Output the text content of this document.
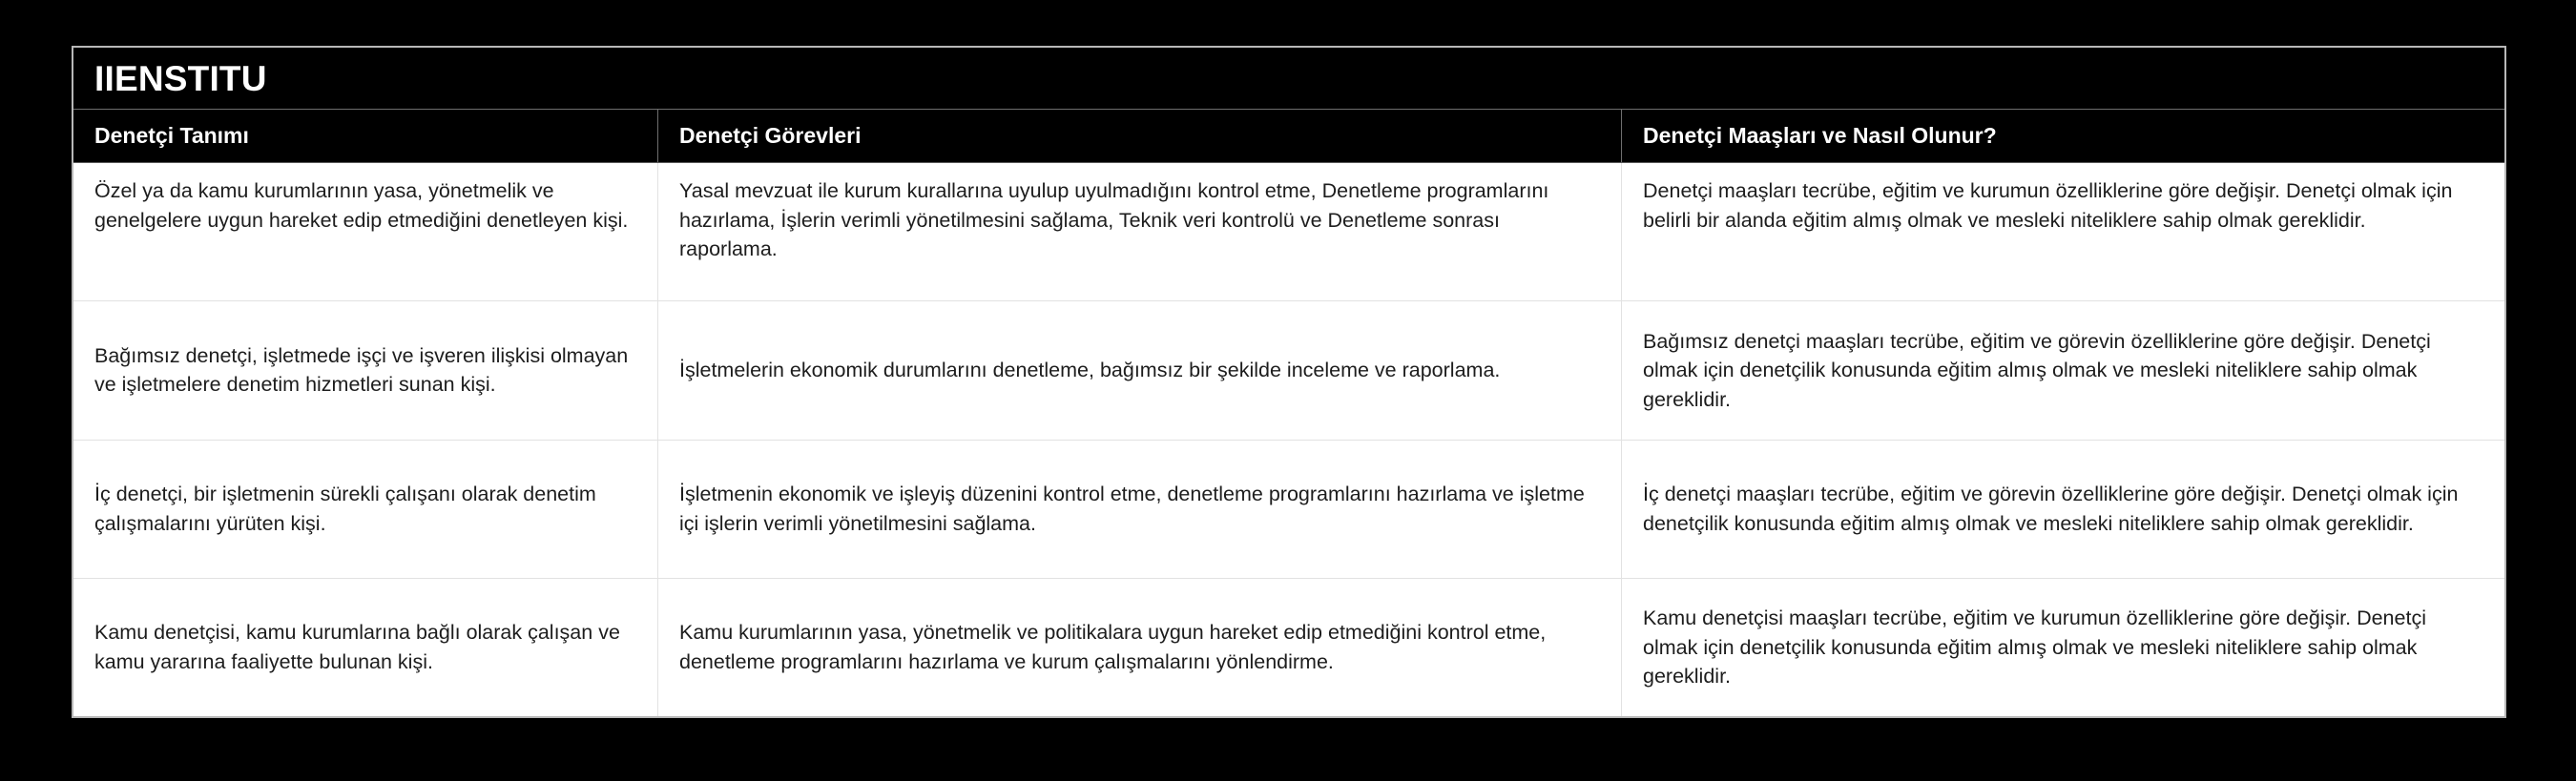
IIENSTITU
Denetçi Tanımı	Denetçi Görevleri	Denetçi Maaşları ve Nasıl Olunur?
Özel ya da kamu kurumlarının yasa, yönetmelik ve genelgelere uygun hareket edip etmediğini denetleyen kişi.
Yasal mevzuat ile kurum kurallarına uyulup uyulmadığını kontrol etme, Denetleme programlarını hazırlama, İşlerin verimli yönetilmesini sağlama, Teknik veri kontrolü ve Denetleme sonrası raporlama.
Denetçi maaşları tecrübe, eğitim ve kurumun özelliklerine göre değişir. Denetçi olmak için belirli bir alanda eğitim almış olmak ve mesleki niteliklere sahip olmak gereklidir.
Bağımsız denetçi, işletmede işçi ve işveren ilişkisi olmayan ve işletmelere denetim hizmetleri sunan kişi.
İşletmelerin ekonomik durumlarını denetleme, bağımsız bir şekilde inceleme ve raporlama.
Bağımsız denetçi maaşları tecrübe, eğitim ve görevin özelliklerine göre değişir. Denetçi olmak için denetçilik konusunda eğitim almış olmak ve mesleki niteliklere sahip olmak gereklidir.
İç denetçi, bir işletmenin sürekli çalışanı olarak denetim çalışmalarını yürüten kişi.
İşletmenin ekonomik ve işleyiş düzenini kontrol etme, denetleme programlarını hazırlama ve işletme içi işlerin verimli yönetilmesini sağlama.
İç denetçi maaşları tecrübe, eğitim ve görevin özelliklerine göre değişir. Denetçi olmak için denetçilik konusunda eğitim almış olmak ve mesleki niteliklere sahip olmak gereklidir.
Kamu denetçisi, kamu kurumlarına bağlı olarak çalışan ve kamu yararına faaliyette bulunan kişi.
Kamu kurumlarının yasa, yönetmelik ve politikalara uygun hareket edip etmediğini kontrol etme, denetleme programlarını hazırlama ve kurum çalışmalarını yönlendirme.
Kamu denetçisi maaşları tecrübe, eğitim ve kurumun özelliklerine göre değişir. Denetçi olmak için denetçilik konusunda eğitim almış olmak ve mesleki niteliklere sahip olmak gereklidir.
